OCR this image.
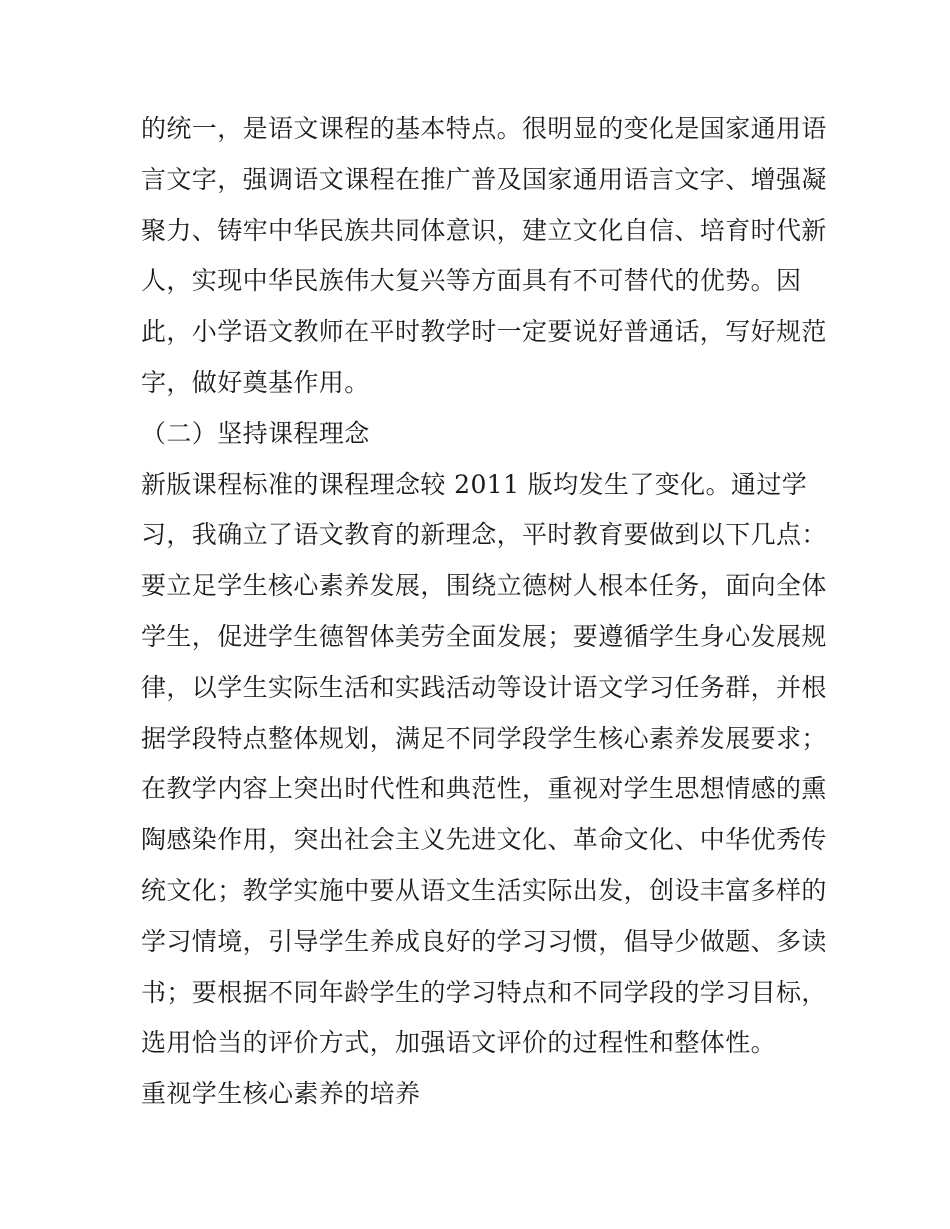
的统一，是语文课程的基本特点。很明显的变化是国家通用语
言文字，强调语文课程在推广普及国家通用语言文字、增强凝
聚力、铸牢中华民族共同体意识，建立文化自信、培育时代新
人，实现中华民族伟大复兴等方面具有不可替代的优势。因
此，小学语文教师在平时教学时一定要说好普通话，写好规范
字，做好奠基作用。
（二）坚持课程理念
新版课程标准的课程理念较 2011 版均发生了变化。通过学
习，我确立了语文教育的新理念，平时教育要做到以下几点：
要立足学生核心素养发展，围绕立德树人根本任务，面向全体
学生，促进学生德智体美劳全面发展；要遵循学生身心发展规
律，以学生实际生活和实践活动等设计语文学习任务群，并根
据学段特点整体规划，满足不同学段学生核心素养发展要求；
在教学内容上突出时代性和典范性，重视对学生思想情感的熏
陶感染作用，突出社会主义先进文化、革命文化、中华优秀传
统文化；教学实施中要从语文生活实际出发，创设丰富多样的
学习情境，引导学生养成良好的学习习惯，倡导少做题、多读
书；要根据不同年龄学生的学习特点和不同学段的学习目标，
选用恰当的评价方式，加强语文评价的过程性和整体性。
重视学生核心素养的培养
